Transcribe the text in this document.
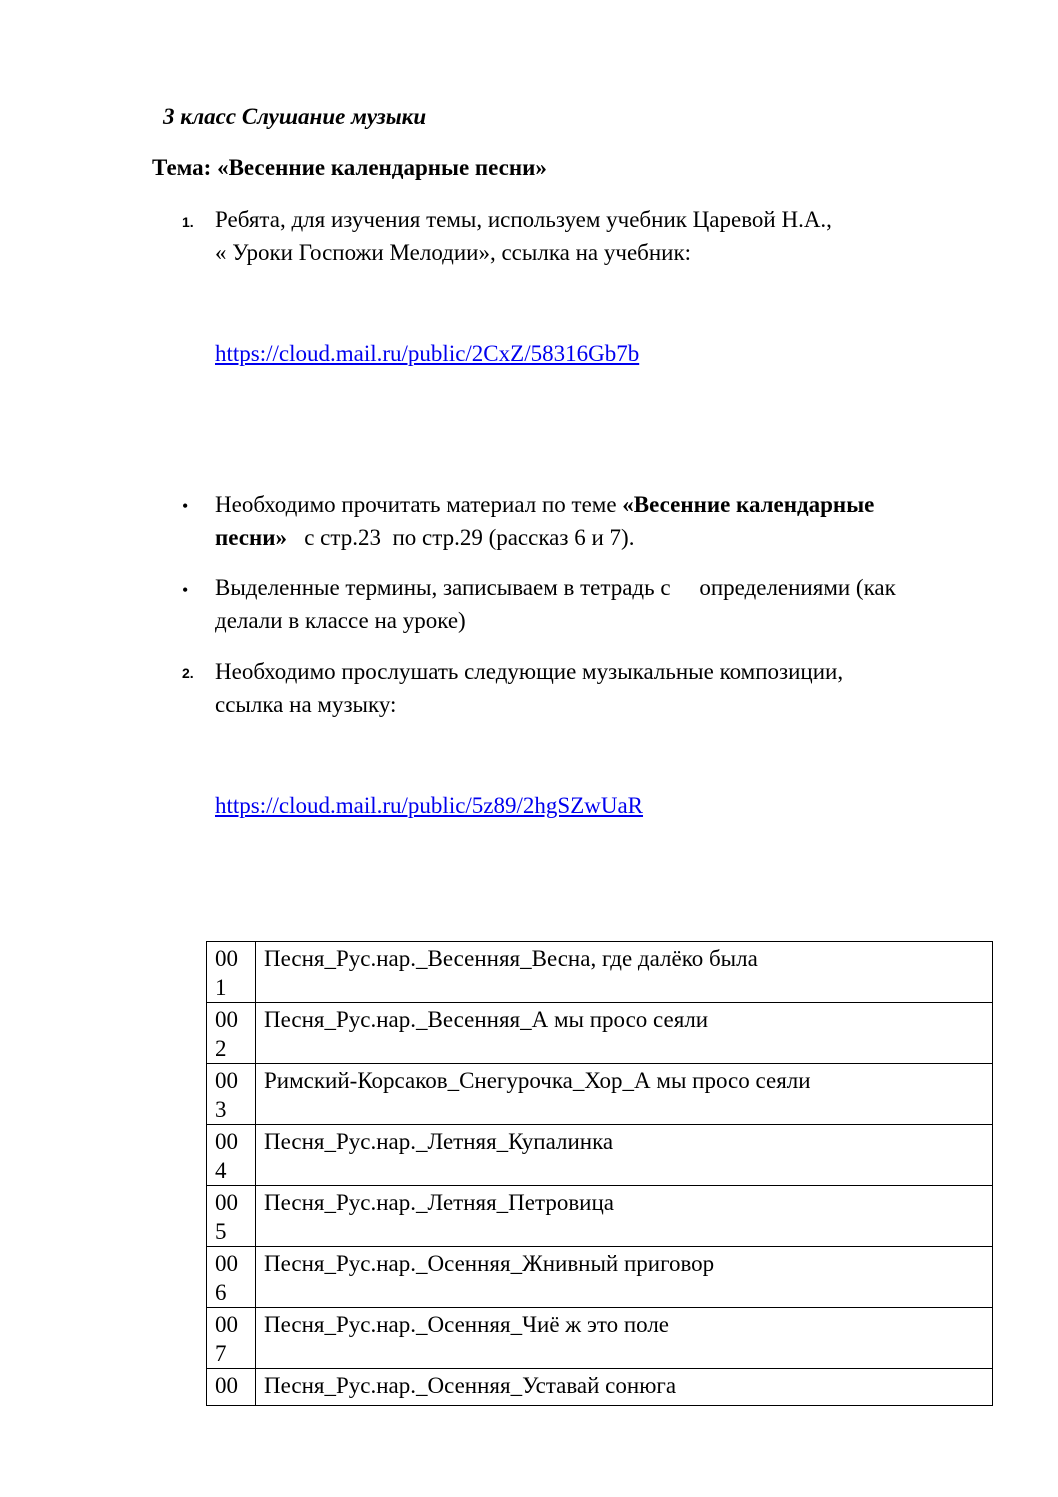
3 класс Слушание музыки
Тема: «Весенние календарные песни»
1. Ребята, для изучения темы, используем учебник Царевой Н.А.,
« Уроки Госпожи Мелодии», ссылка на учебник:
https://cloud.mail.ru/public/2CxZ/58316Gb7b
• Необходимо прочитать материал по теме «Весенние календарные
песни»   с стр.23  по стр.29 (рассказ 6 и 7).
• Выделенные термины, записываем в тетрадь с     определениями (как
делали в классе на уроке)
2. Необходимо прослушать следующие музыкальные композиции,
ссылка на музыку:
https://cloud.mail.ru/public/5z89/2hgSZwUaR
00
1	Песня_Рус.нар._Весенняя_Весна, где далёко была

00
2	Песня_Рус.нар._Весенняя_А мы просо сеяли

00
3	Римский-Корсаков_Снегурочка_Хор_А мы просо сеяли

00
4	Песня_Рус.нар._Летняя_Купалинка

00
5	Песня_Рус.нар._Летняя_Петровица

00
6	Песня_Рус.нар._Осенняя_Жнивный приговор

00
7	Песня_Рус.нар._Осенняя_Чиё ж это поле

00	Песня_Рус.нар._Осенняя_Уставай сонюга
